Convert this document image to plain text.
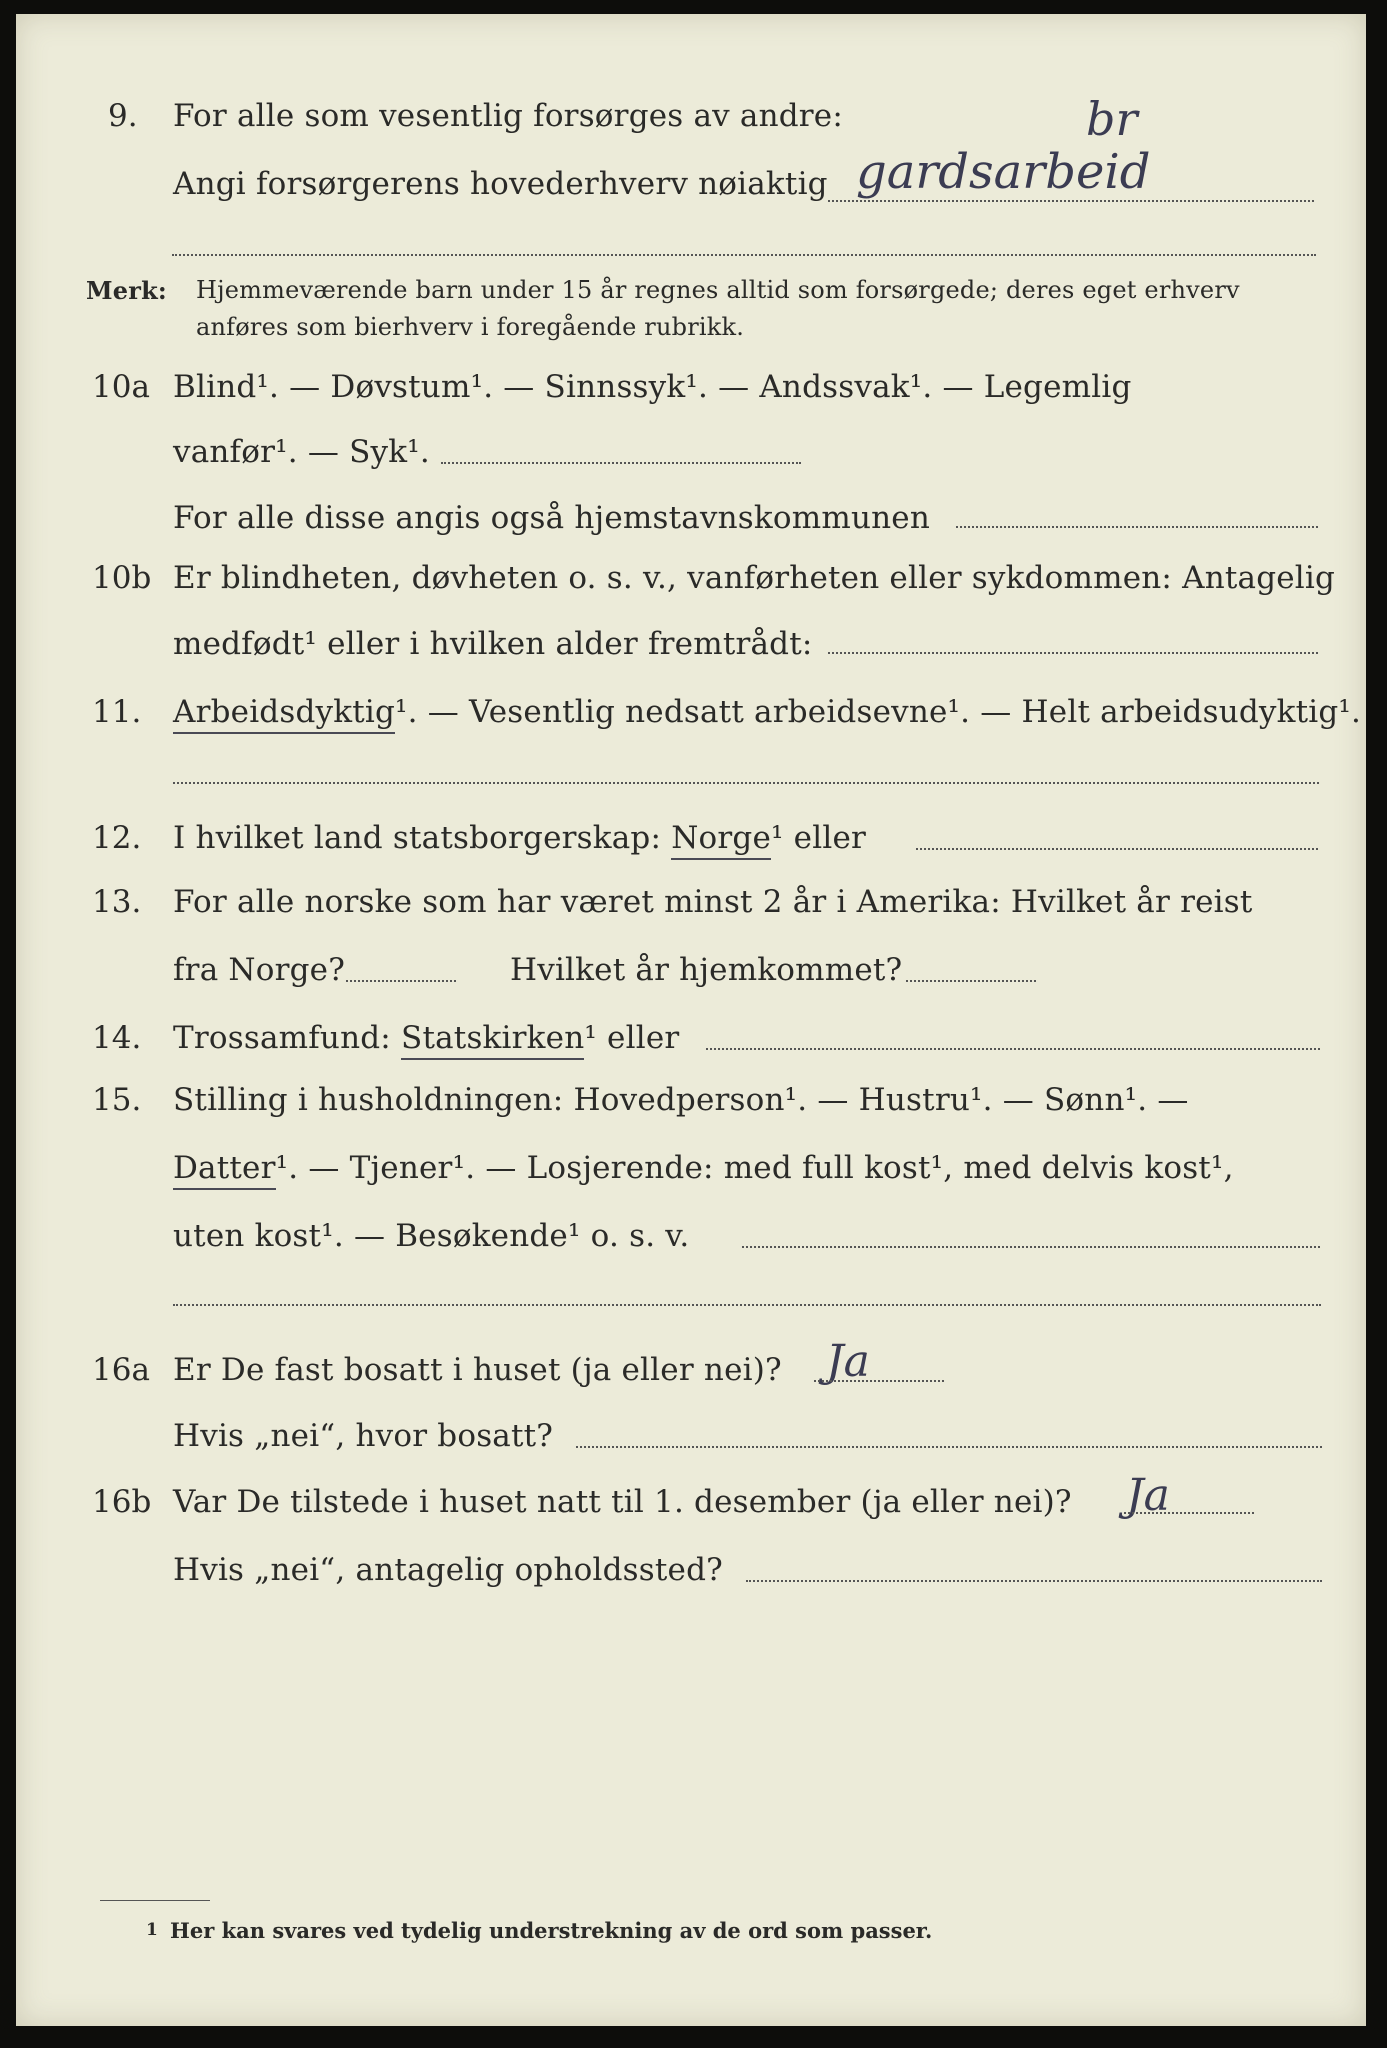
9. For alle som vesentlig forsørges av andre:	br
Angi forsørgerens hovederhverv nøiaktig gardsarbeid
Merk: Hjemmeværende barn under 15 år regnes alltid som forsørgede; deres eget erhverv
anføres som bierhverv i foregående rubrikk.
10a Blind¹. — Døvstum¹. — Sinnssyk¹. — Andssvak¹. — Legemlig
vanfør¹. — Syk¹.
For alle disse angis også hjemstavnskommunen
10b Er blindheten, døvheten o. s. v., vanførheten eller sykdommen: Antagelig
medfødt¹ eller i hvilken alder fremtrådt:
11. Arbeidsdyktig¹. — Vesentlig nedsatt arbeidsevne¹. — Helt arbeidsudyktig¹.
12. I hvilket land statsborgerskap: Norge¹ eller
13. For alle norske som har været minst 2 år i Amerika: Hvilket år reist
fra Norge?	Hvilket år hjemkommet?
14. Trossamfund: Statskirken¹ eller
15. Stilling i husholdningen: Hovedperson¹. — Hustru¹. — Sønn¹. —
Datter¹. — Tjener¹. — Losjerende: med full kost¹, med delvis kost¹,
uten kost¹. — Besøkende¹ o. s. v.
16a Er De fast bosatt i huset (ja eller nei)? Ja
Hvis „nei“, hvor bosatt?
16b Var De tilstede i huset natt til 1. desember (ja eller nei)? Ja
Hvis „nei“, antagelig opholdssted?
1 Her kan svares ved tydelig understrekning av de ord som passer.
